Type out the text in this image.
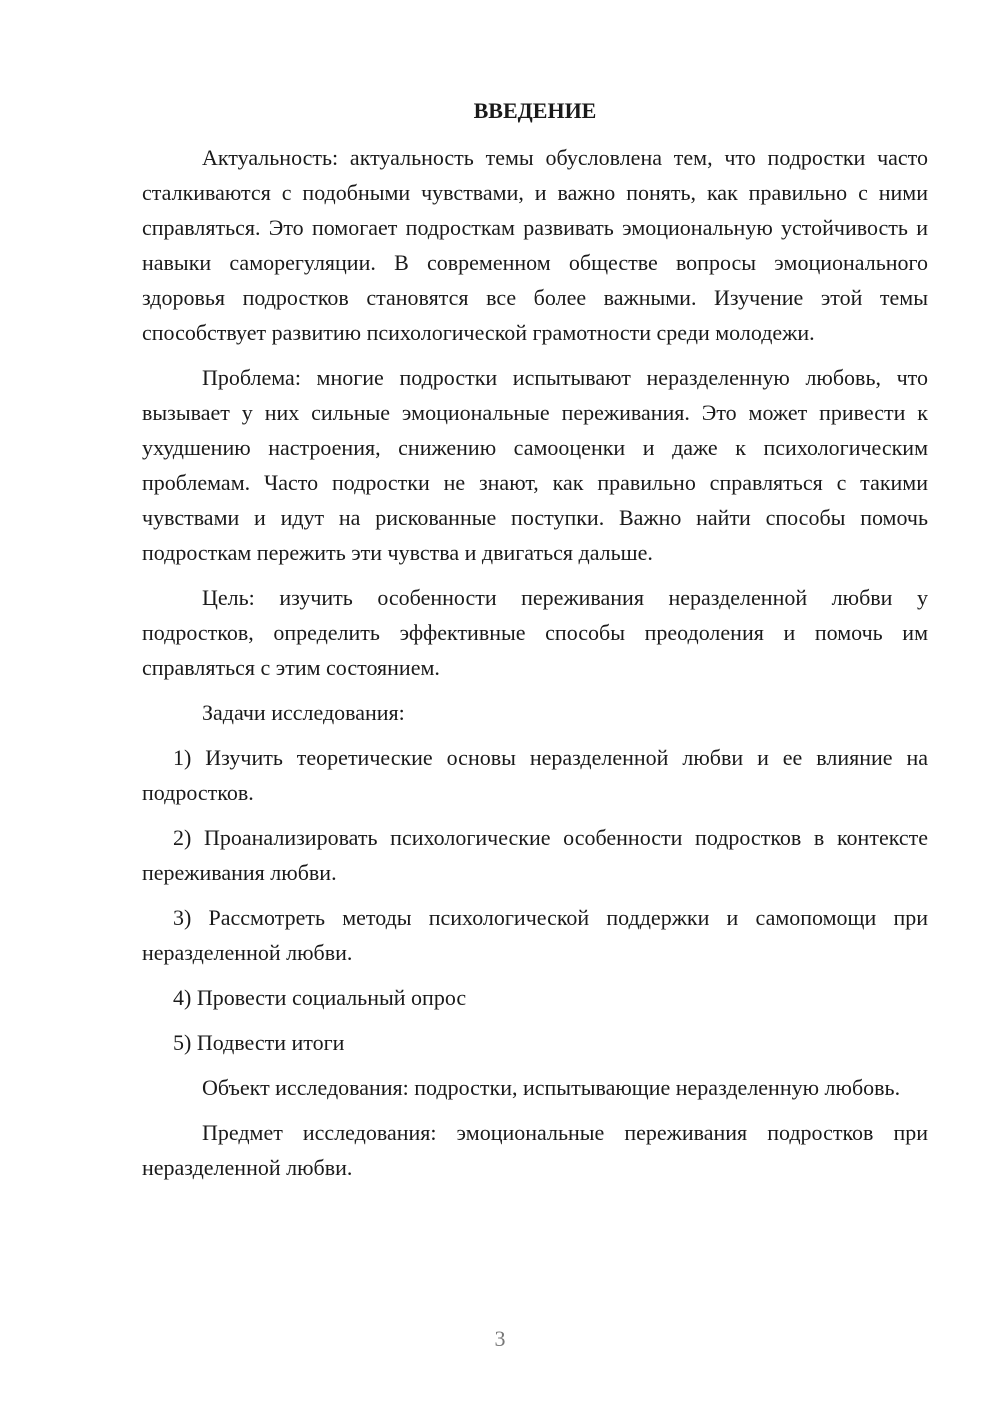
ВВЕДЕНИЕ

Актуальность: актуальность темы обусловлена тем, что подростки часто сталкиваются с подобными чувствами, и важно понять, как правильно с ними справляться. Это помогает подросткам развивать эмоциональную устойчивость и навыки саморегуляции. В современном обществе вопросы эмоционального здоровья подростков становятся все более важными. Изучение этой темы способствует развитию психологической грамотности среди молодежи.

Проблема: многие подростки испытывают неразделенную любовь, что вызывает у них сильные эмоциональные переживания. Это может привести к ухудшению настроения, снижению самооценки и даже к психологическим проблемам. Часто подростки не знают, как правильно справляться с такими чувствами и идут на рискованные поступки. Важно найти способы помочь подросткам пережить эти чувства и двигаться дальше.

Цель: изучить особенности переживания неразделенной любви у подростков, определить эффективные способы преодоления и помочь им справляться с этим состоянием.

Задачи исследования:

1) Изучить теоретические основы неразделенной любви и ее влияние на подростков.

2) Проанализировать психологические особенности подростков в контексте переживания любви.

3) Рассмотреть методы психологической поддержки и самопомощи при неразделенной любви.

4) Провести социальный опрос

5) Подвести итоги

Объект исследования: подростки, испытывающие неразделенную любовь.

Предмет исследования: эмоциональные переживания подростков при неразделенной любви.

3
